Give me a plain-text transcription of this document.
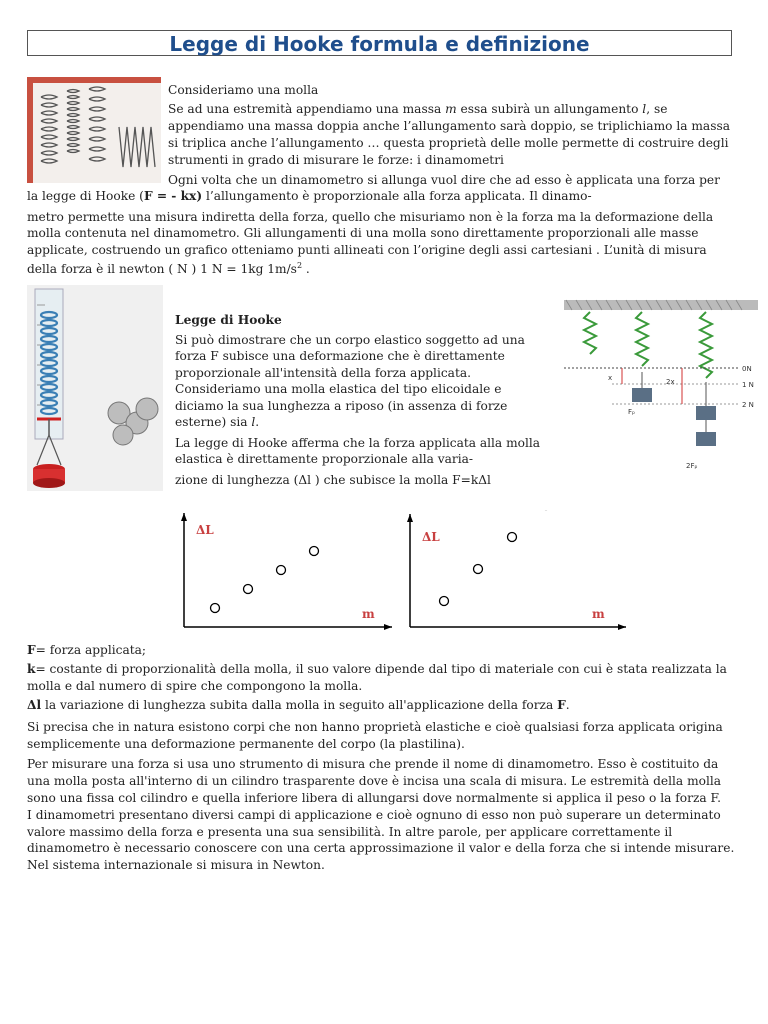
Legge di Hooke formula e definizione
Consideriamo una molla
Se ad una estremità appendiamo una massa m essa subirà un allungamento l, se
appendiamo una massa doppia anche l’allungamento sarà doppio, se triplichiamo la massa
si triplica anche l’allungamento … questa proprietà delle molle permette di costruire degli
strumenti in grado di misurare le forze: i dinamometri
Ogni volta che un dinamometro si allunga vuol dire che ad esso è applicata una forza per
la legge di Hooke (F = - kx) l’allungamento è proporzionale alla forza applicata. Il dinamo-
metro permette una misura indiretta della forza, quello che misuriamo non è la forza ma la deformazione della
molla contenuta nel dinamometro. Gli allungamenti di una molla sono direttamente proporzionali alle masse
applicate, costruendo un grafico otteniamo punti allineati con l’origine degli assi cartesiani . L’unità di misura
della forza è il newton ( N ) 1 N = 1kg $1m/s^2$ .
Legge di Hooke
Si può dimostrare che un corpo elastico soggetto ad una
forza F subisce una deformazione che è direttamente
proporzionale all'intensità della forza applicata.
Consideriamo una molla elastica del tipo elicoidale e
diciamo la sua lunghezza a riposo (in assenza di forze
esterne) sia l.
La legge di Hooke afferma che la forza applicata alla molla
elastica è direttamente proporzionale alla varia-
zione di lunghezza (Δl ) che subisce la molla F=kΔl
x	2x
Fₚ
2Fₚ
0N
1 N
2 N
ΔL
m
ΔL
m
F= forza applicata;
k= costante di proporzionalità della molla, il suo valore dipende dal tipo di materiale con cui è stata realizzata la
molla e dal numero di spire che compongono la molla.
Δl la variazione di lunghezza subita dalla molla in seguito all'applicazione della forza F.
Si precisa che in natura esistono corpi che non hanno proprietà elastiche e cioè qualsiasi forza applicata origina
semplicemente una deformazione permanente del corpo (la plastilina).
Per misurare una forza si usa uno strumento di misura che prende il nome di dinamometro. Esso è costituito da
una molla posta all'interno di un cilindro trasparente dove è incisa una scala di misura. Le estremità della molla
sono una fissa col cilindro e quella inferiore libera di allungarsi dove normalmente si applica il peso o la forza F.
I dinamometri presentano diversi campi di applicazione e cioè ognuno di esso non può superare un determinato
valore massimo della forza e presenta una sua sensibilità. In altre parole, per applicare correttamente il
dinamometro è necessario conoscere con una certa approssimazione il valor e della forza che si intende misurare.
Nel sistema internazionale si misura in Newton.
